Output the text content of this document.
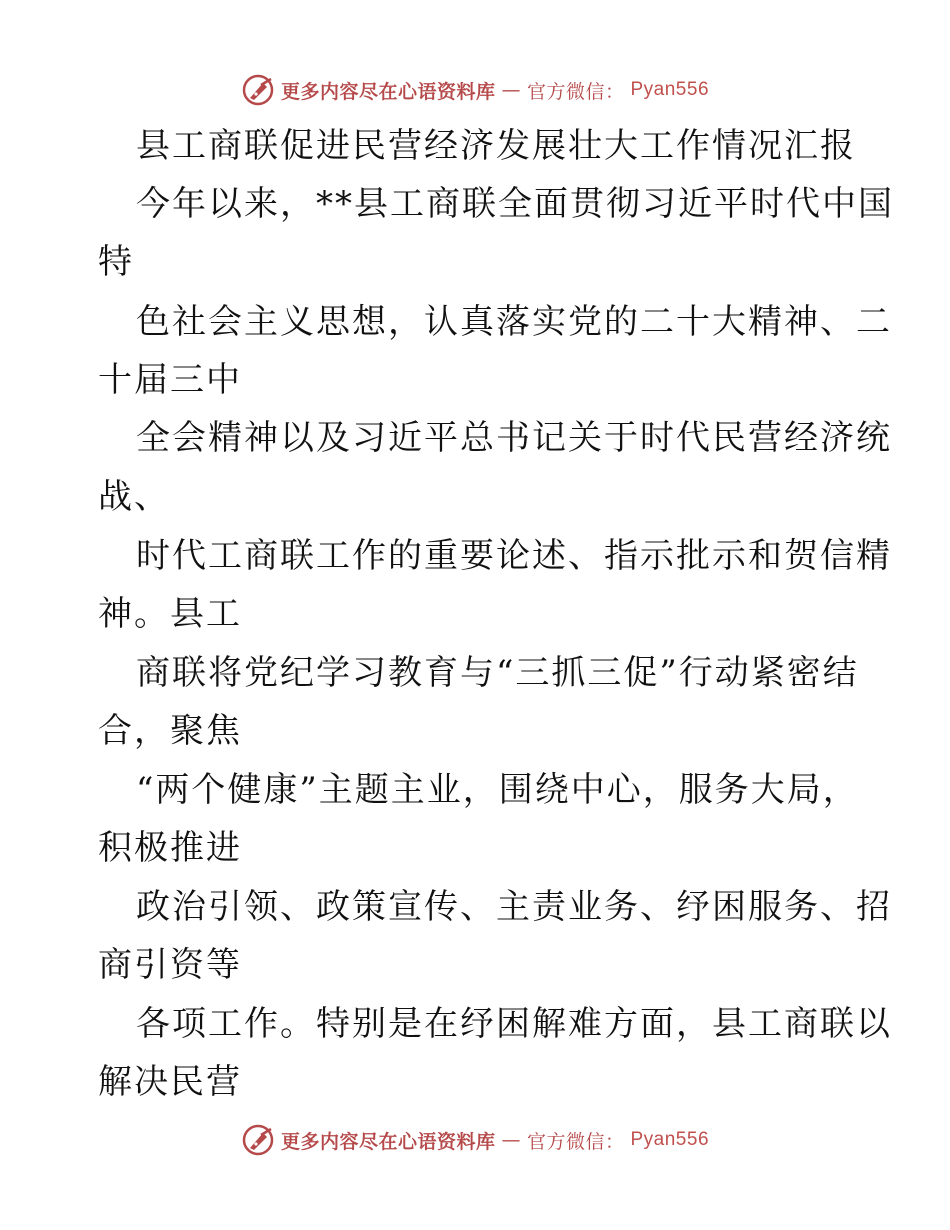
更多内容尽在心语资料库 — 官方微信： Pyan556
县工商联促进民营经济发展壮大工作情况汇报
今年以来，**县工商联全面贯彻习近平时代中国
特
色社会主义思想，认真落实党的二十大精神、二
十届三中
全会精神以及习近平总书记关于时代民营经济统
战、
时代工商联工作的重要论述、指示批示和贺信精
神。县工
商联将党纪学习教育与“三抓三促”行动紧密结
合，聚焦
“两个健康”主题主业，围绕中心，服务大局，
积极推进
政治引领、政策宣传、主责业务、纾困服务、招
商引资等
各项工作。特别是在纾困解难方面，县工商联以
解决民营
更多内容尽在心语资料库 — 官方微信： Pyan556
